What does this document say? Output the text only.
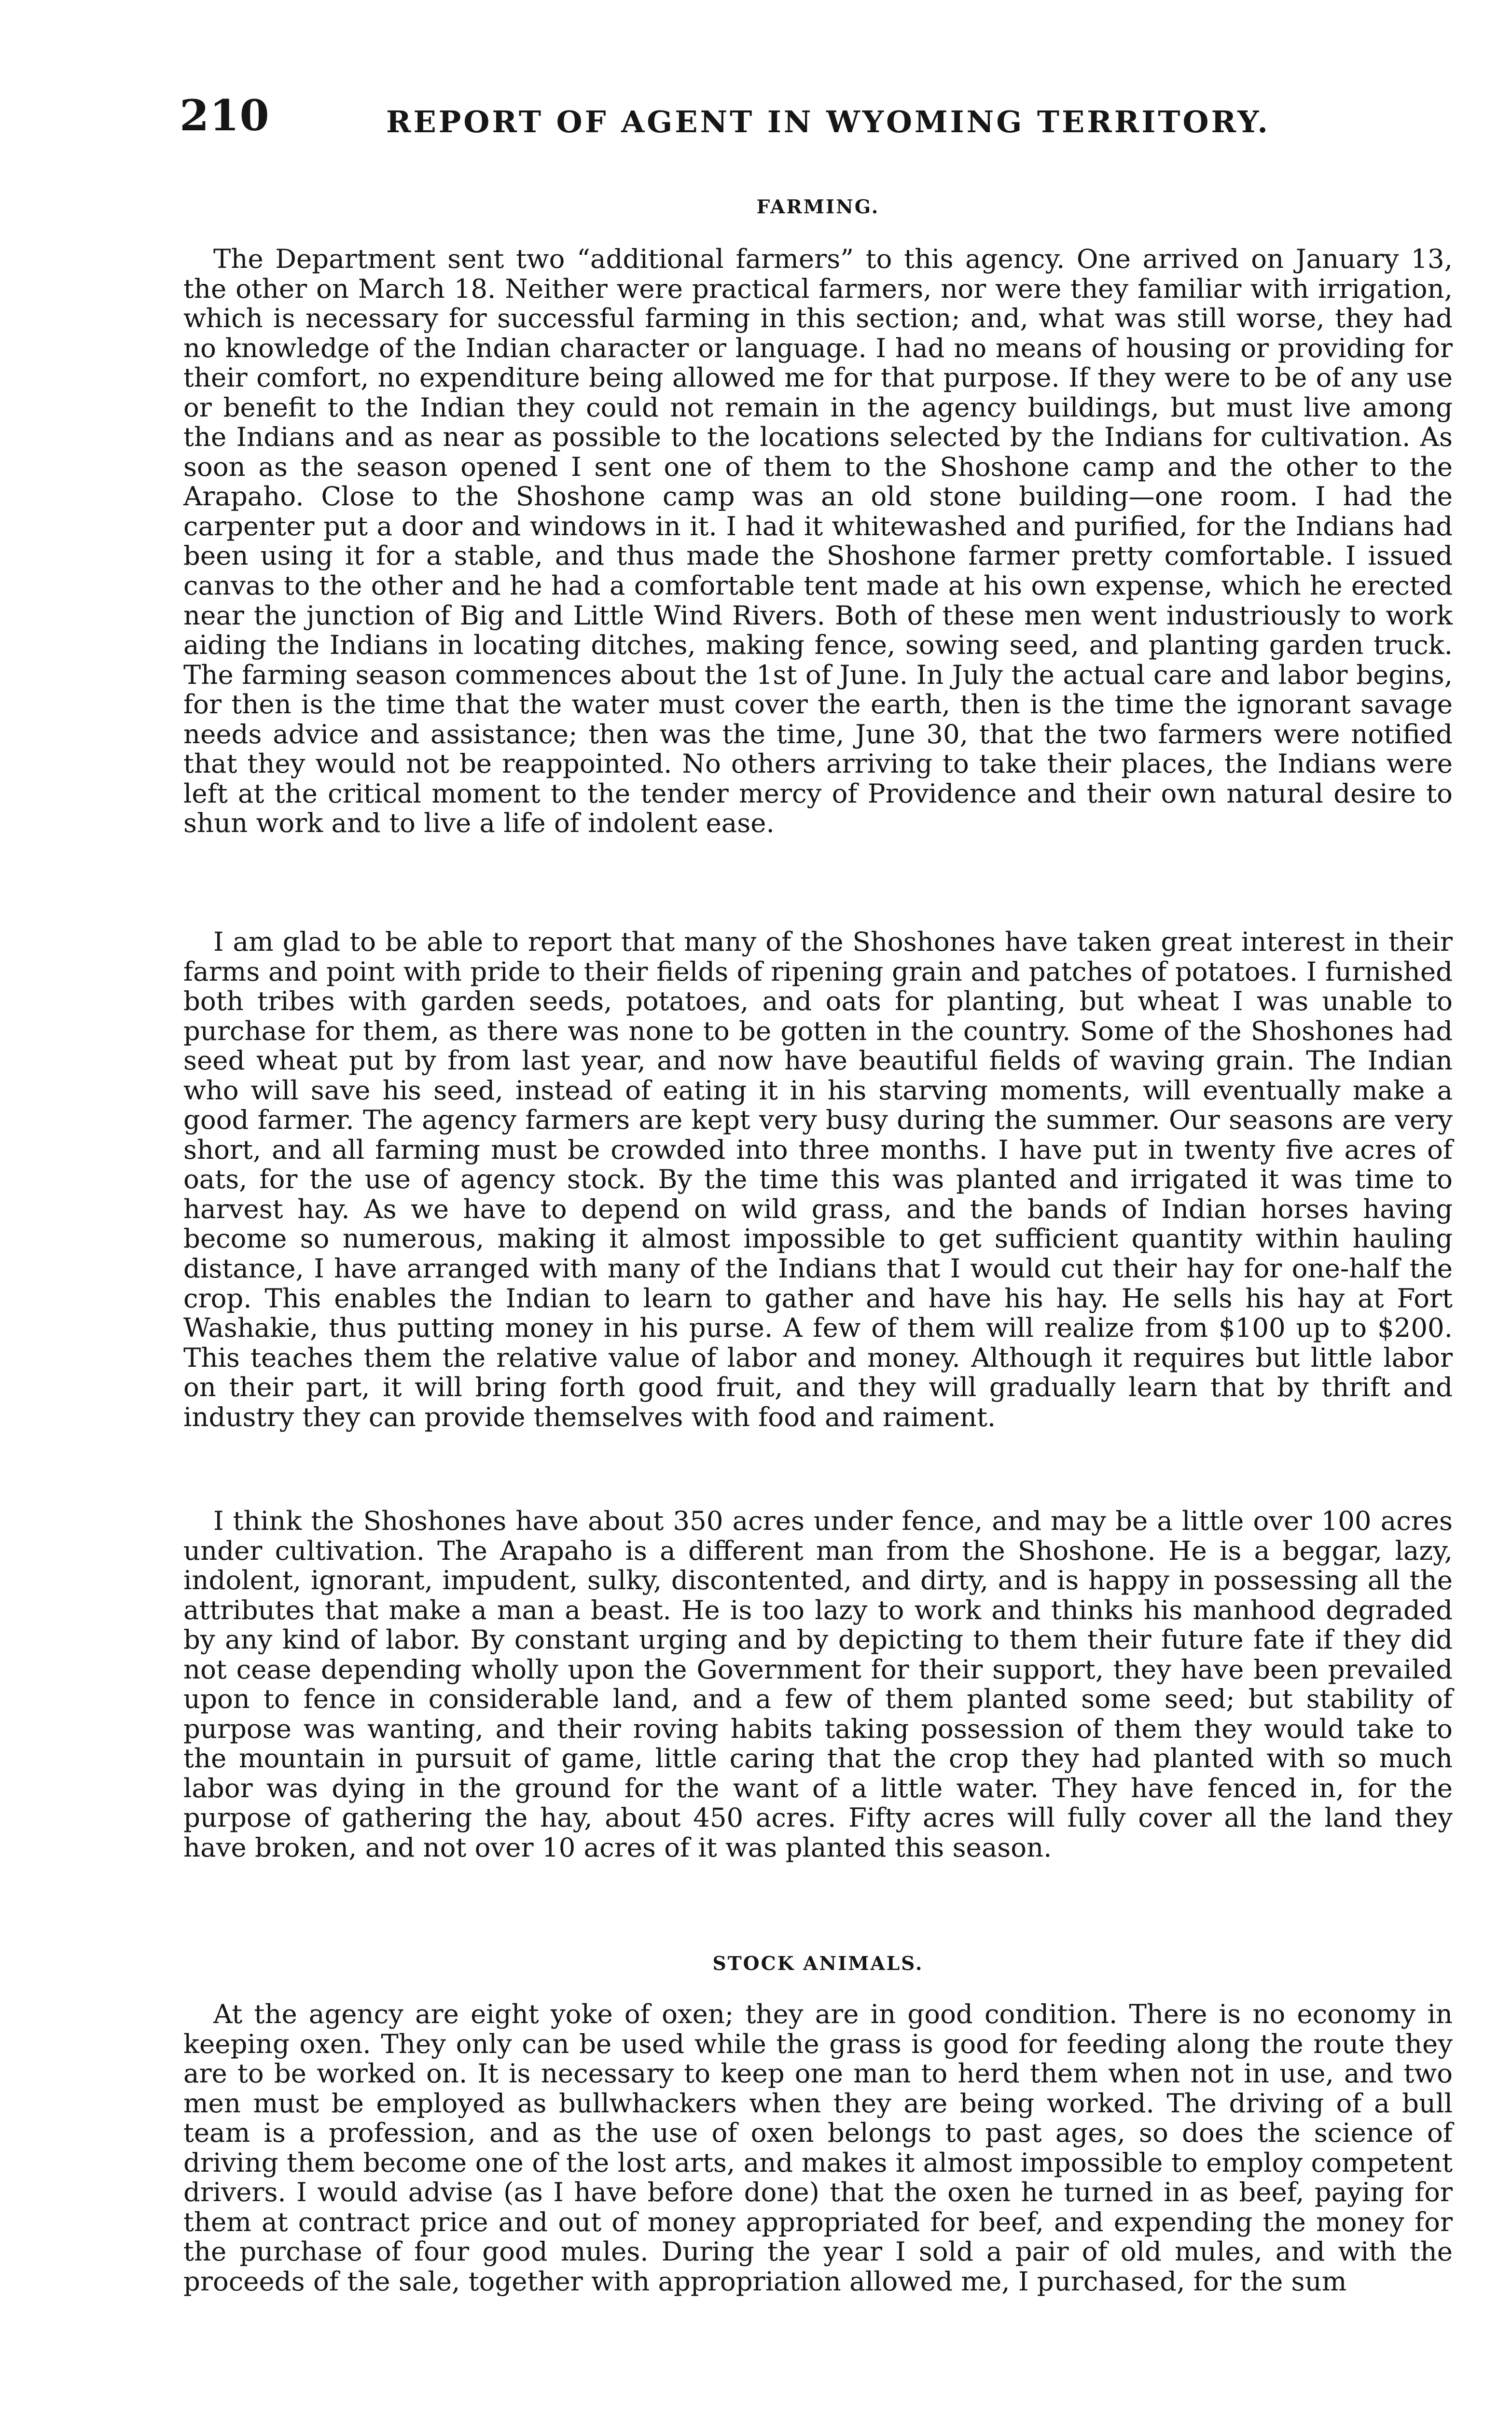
210	REPORT OF AGENT IN WYOMING TERRITORY.
FARMING.

The Department sent two “additional farmers” to this agency. One arrived on January 13, the other on March 18. Neither were practical farmers, nor were they familiar with irrigation, which is necessary for successful farming in this section; and, what was still worse, they had no knowledge of the Indian character or language. I had no means of housing or providing for their comfort, no expenditure being allowed me for that purpose. If they were to be of any use or benefit to the Indian they could not remain in the agency buildings, but must live among the Indians and as near as possible to the locations selected by the Indians for cultivation. As soon as the season opened I sent one of them to the Shoshone camp and the other to the Arapaho. Close to the Shoshone camp was an old stone building—one room. I had the carpenter put a door and windows in it. I had it whitewashed and purified, for the Indians had been using it for a stable, and thus made the Shoshone farmer pretty comfortable. I issued canvas to the other and he had a comfortable tent made at his own expense, which he erected near the junction of Big and Little Wind Rivers. Both of these men went industriously to work aiding the Indians in locating ditches, making fence, sowing seed, and planting garden truck. The farming season commences about the 1st of June. In July the actual care and labor begins, for then is the time that the water must cover the earth, then is the time the ignorant savage needs advice and assistance; then was the time, June 30, that the two farmers were notified that they would not be reappointed. No others arriving to take their places, the Indians were left at the critical moment to the tender mercy of Providence and their own natural desire to shun work and to live a life of indolent ease.

I am glad to be able to report that many of the Shoshones have taken great interest in their farms and point with pride to their fields of ripening grain and patches of potatoes. I furnished both tribes with garden seeds, potatoes, and oats for planting, but wheat I was unable to purchase for them, as there was none to be gotten in the country. Some of the Shoshones had seed wheat put by from last year, and now have beautiful fields of waving grain. The Indian who will save his seed, instead of eating it in his starving moments, will eventually make a good farmer. The agency farmers are kept very busy during the summer. Our seasons are very short, and all farming must be crowded into three months. I have put in twenty five acres of oats, for the use of agency stock. By the time this was planted and irrigated it was time to harvest hay. As we have to depend on wild grass, and the bands of Indian horses having become so numerous, making it almost impossible to get sufficient quantity within hauling distance, I have arranged with many of the Indians that I would cut their hay for one-half the crop. This enables the Indian to learn to gather and have his hay. He sells his hay at Fort Washakie, thus putting money in his purse. A few of them will realize from $100 up to $200. This teaches them the relative value of labor and money. Although it requires but little labor on their part, it will bring forth good fruit, and they will gradually learn that by thrift and industry they can provide themselves with food and raiment.

I think the Shoshones have about 350 acres under fence, and may be a little over 100 acres under cultivation. The Arapaho is a different man from the Shoshone. He is a beggar, lazy, indolent, ignorant, impudent, sulky, discontented, and dirty, and is happy in possessing all the attributes that make a man a beast. He is too lazy to work and thinks his manhood degraded by any kind of labor. By constant urging and by depicting to them their future fate if they did not cease depending wholly upon the Government for their support, they have been prevailed upon to fence in considerable land, and a few of them planted some seed; but stability of purpose was wanting, and their roving habits taking possession of them they would take to the mountain in pursuit of game, little caring that the crop they had planted with so much labor was dying in the ground for the want of a little water. They have fenced in, for the purpose of gathering the hay, about 450 acres. Fifty acres will fully cover all the land they have broken, and not over 10 acres of it was planted this season.

STOCK ANIMALS.

At the agency are eight yoke of oxen; they are in good condition. There is no economy in keeping oxen. They only can be used while the grass is good for feeding along the route they are to be worked on. It is necessary to keep one man to herd them when not in use, and two men must be employed as bullwhackers when they are being worked. The driving of a bull team is a profession, and as the use of oxen belongs to past ages, so does the science of driving them become one of the lost arts, and makes it almost impossible to employ competent drivers. I would advise (as I have before done) that the oxen he turned in as beef, paying for them at contract price and out of money appropriated for beef, and expending the money for the purchase of four good mules. During the year I sold a pair of old mules, and with the proceeds of the sale, together with appropriation allowed me, I purchased, for the sum
